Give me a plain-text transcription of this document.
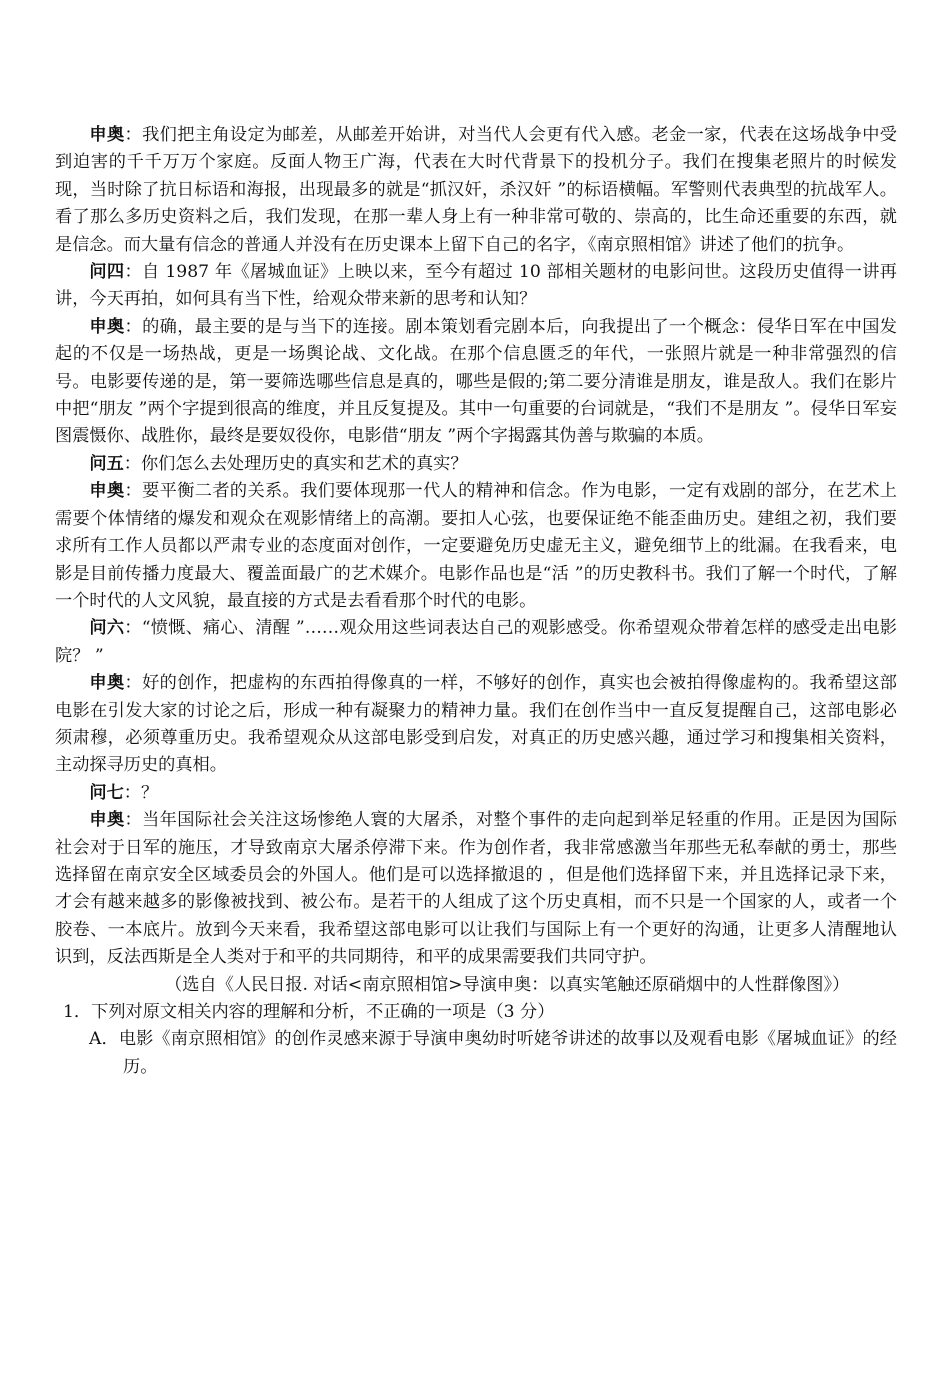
申奥：我们把主角设定为邮差，从邮差开始讲，对当代人会更有代入感。老金一家，代表在这场战争中受到迫害的千千万万个家庭。反面人物王广海，代表在大时代背景下的投机分子。我们在搜集老照片的时候发现，当时除了抗日标语和海报，出现最多的就是“抓汉奸，杀汉奸 ”的标语横幅。军警则代表典型的抗战军人。看了那么多历史资料之后，我们发现，在那一辈人身上有一种非常可敬的、崇高的，比生命还重要的东西，就是信念。而大量有信念的普通人并没有在历史课本上留下自己的名字，《南京照相馆》讲述了他们的抗争。

问四：自 1987 年《屠城血证》上映以来，至今有超过 10 部相关题材的电影问世。这段历史值得一讲再讲，今天再拍，如何具有当下性，给观众带来新的思考和认知？

申奥：的确，最主要的是与当下的连接。剧本策划看完剧本后，向我提出了一个概念：侵华日军在中国发起的不仅是一场热战，更是一场舆论战、文化战。在那个信息匮乏的年代，一张照片就是一种非常强烈的信号。电影要传递的是，第一要筛选哪些信息是真的，哪些是假的;第二要分清谁是朋友，谁是敌人。我们在影片中把“朋友 ”两个字提到很高的维度，并且反复提及。其中一句重要的台词就是，“我们不是朋友 ”。侵华日军妄图震慑你、战胜你，最终是要奴役你，电影借“朋友 ”两个字揭露其伪善与欺骗的本质。

问五：你们怎么去处理历史的真实和艺术的真实？

申奥：要平衡二者的关系。我们要体现那一代人的精神和信念。作为电影，一定有戏剧的部分，在艺术上需要个体情绪的爆发和观众在观影情绪上的高潮。要扣人心弦，也要保证绝不能歪曲历史。建组之初，我们要求所有工作人员都以严肃专业的态度面对创作，一定要避免历史虚无主义，避免细节上的纰漏。在我看来，电影是目前传播力度最大、覆盖面最广的艺术媒介。电影作品也是“活 ”的历史教科书。我们了解一个时代，了解一个时代的人文风貌，最直接的方式是去看看那个时代的电影。

问六：“愤慨、痛心、清醒 ”……观众用这些词表达自己的观影感受。你希望观众带着怎样的感受走出电影院？ ”

申奥：好的创作，把虚构的东西拍得像真的一样，不够好的创作，真实也会被拍得像虚构的。我希望这部电影在引发大家的讨论之后，形成一种有凝聚力的精神力量。我们在创作当中一直反复提醒自己，这部电影必须肃穆，必须尊重历史。我希望观众从这部电影受到启发，对真正的历史感兴趣，通过学习和搜集相关资料，主动探寻历史的真相。

问七：？

申奥：当年国际社会关注这场惨绝人寰的大屠杀，对整个事件的走向起到举足轻重的作用。正是因为国际社会对于日军的施压，才导致南京大屠杀停滞下来。作为创作者，我非常感激当年那些无私奉献的勇士，那些选择留在南京安全区域委员会的外国人。他们是可以选择撤退的 ，但是他们选择留下来，并且选择记录下来，才会有越来越多的影像被找到、被公布。是若干的人组成了这个历史真相，而不只是一个国家的人，或者一个胶卷、一本底片。放到今天来看，我希望这部电影可以让我们与国际上有一个更好的沟通，让更多人清醒地认识到，反法西斯是全人类对于和平的共同期待，和平的成果需要我们共同守护。

（选自《人民日报. 对话<南京照相馆>导演申奥：以真实笔触还原硝烟中的人性群像图》）

1．下列对原文相关内容的理解和分析，不正确的一项是（3 分）

A．电影《南京照相馆》的创作灵感来源于导演申奥幼时听姥爷讲述的故事以及观看电影《屠城血证》的经历。
